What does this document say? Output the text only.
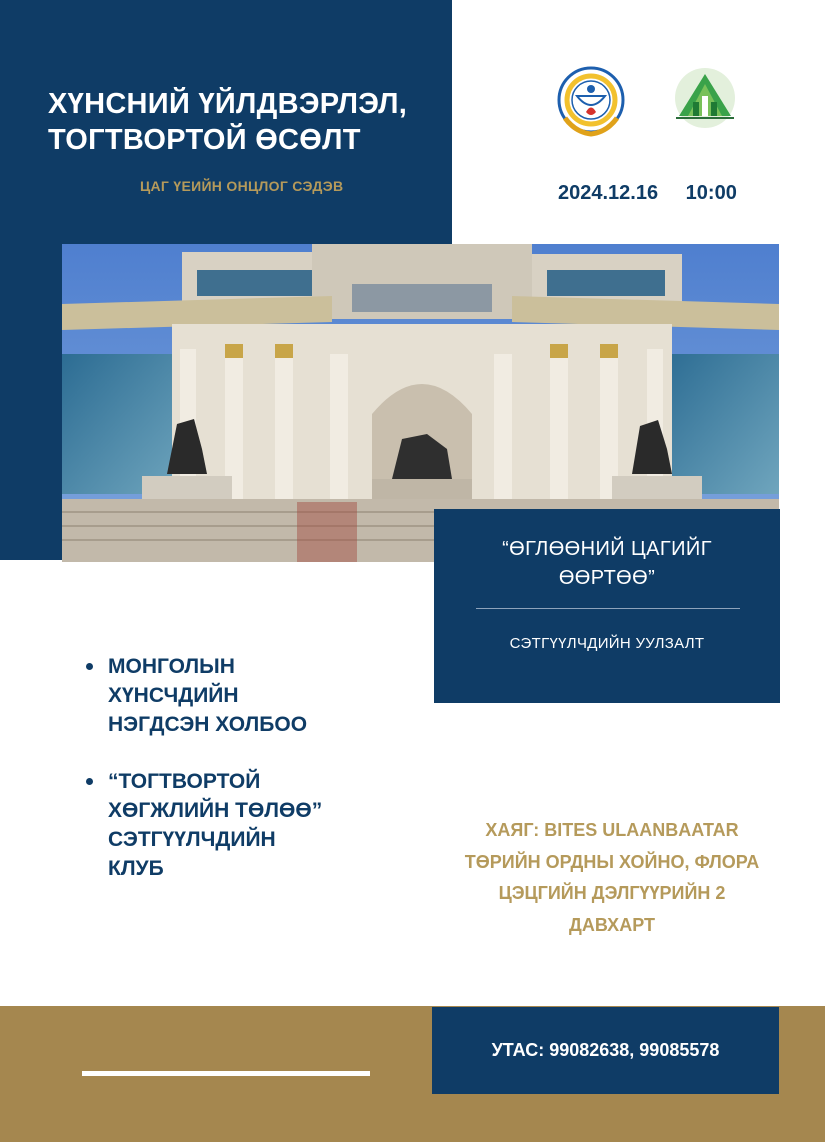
ХҮНСНИЙ ҮЙЛДВЭРЛЭЛ,
ТОГТВОРТОЙ ӨСӨЛТ
ЦАГ ҮЕИЙН ОНЦЛОГ СЭДЭВ	2024.12.16 10:00
“ӨГЛӨӨНИЙ ЦАГИЙГ
ӨӨРТӨӨ”
СЭТГҮҮЛЧДИЙН УУЛЗАЛТ
МОНГОЛЫН
ХҮНСЧДИЙН
НЭГДСЭН ХОЛБОО
“ТОГТВОРТОЙ
ХӨГЖЛИЙН ТӨЛӨӨ”
СЭТГҮҮЛЧДИЙН
КЛУБ
ХАЯГ: BITES ULAANBAATAR
ТӨРИЙН ОРДНЫ ХОЙНО, ФЛОРА
ЦЭЦГИЙН ДЭЛГҮҮРИЙН 2
ДАВХАРТ
УТАС: 99082638, 99085578
